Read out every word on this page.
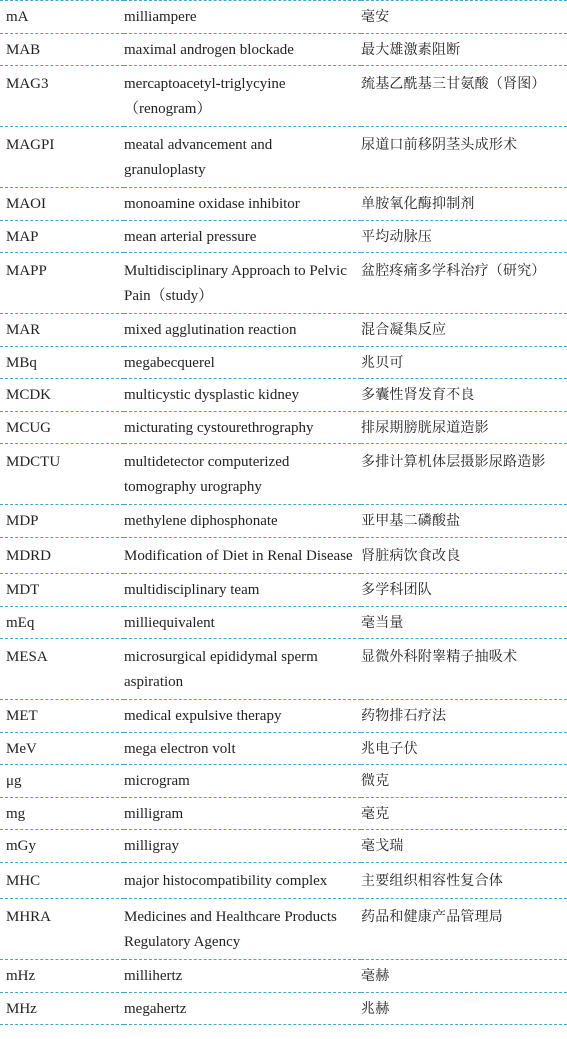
mA	milliampere	毫安
MAB	maximal androgen blockade	最大雄激素阻断
MAG3	mercaptoacetyl-triglycyine （renogram）	巯基乙酰基三甘氨酸（肾图）
MAGPI	meatal advancement and granuloplasty	尿道口前移阴茎头成形术
MAOI	monoamine oxidase inhibitor	单胺氧化酶抑制剂
MAP	mean arterial pressure	平均动脉压
MAPP	Multidisciplinary Approach to Pelvic Pain（study）	盆腔疼痛多学科治疗（研究）
MAR	mixed agglutination reaction	混合凝集反应
MBq	megabecquerel	兆贝可
MCDK	multicystic dysplastic kidney	多囊性肾发育不良
MCUG	micturating cystourethrography	排尿期膀胱尿道造影
MDCTU	multidetector computerized tomography urography	多排计算机体层摄影尿路造影
MDP	methylene diphosphonate	亚甲基二磷酸盐
MDRD	Modification of Diet in Renal Disease	肾脏病饮食改良
MDT	multidisciplinary team	多学科团队
mEq	milliequivalent	毫当量
MESA	microsurgical epididymal sperm aspiration	显微外科附睾精子抽吸术
MET	medical expulsive therapy	药物排石疗法
MeV	mega electron volt	兆电子伏
μg	microgram	微克
mg	milligram	毫克
mGy	milligray	毫戈瑞
MHC	major histocompatibility complex	主要组织相容性复合体
MHRA	Medicines and Healthcare Products Regulatory Agency	药品和健康产品管理局
mHz	millihertz	毫赫
MHz	megahertz	兆赫
